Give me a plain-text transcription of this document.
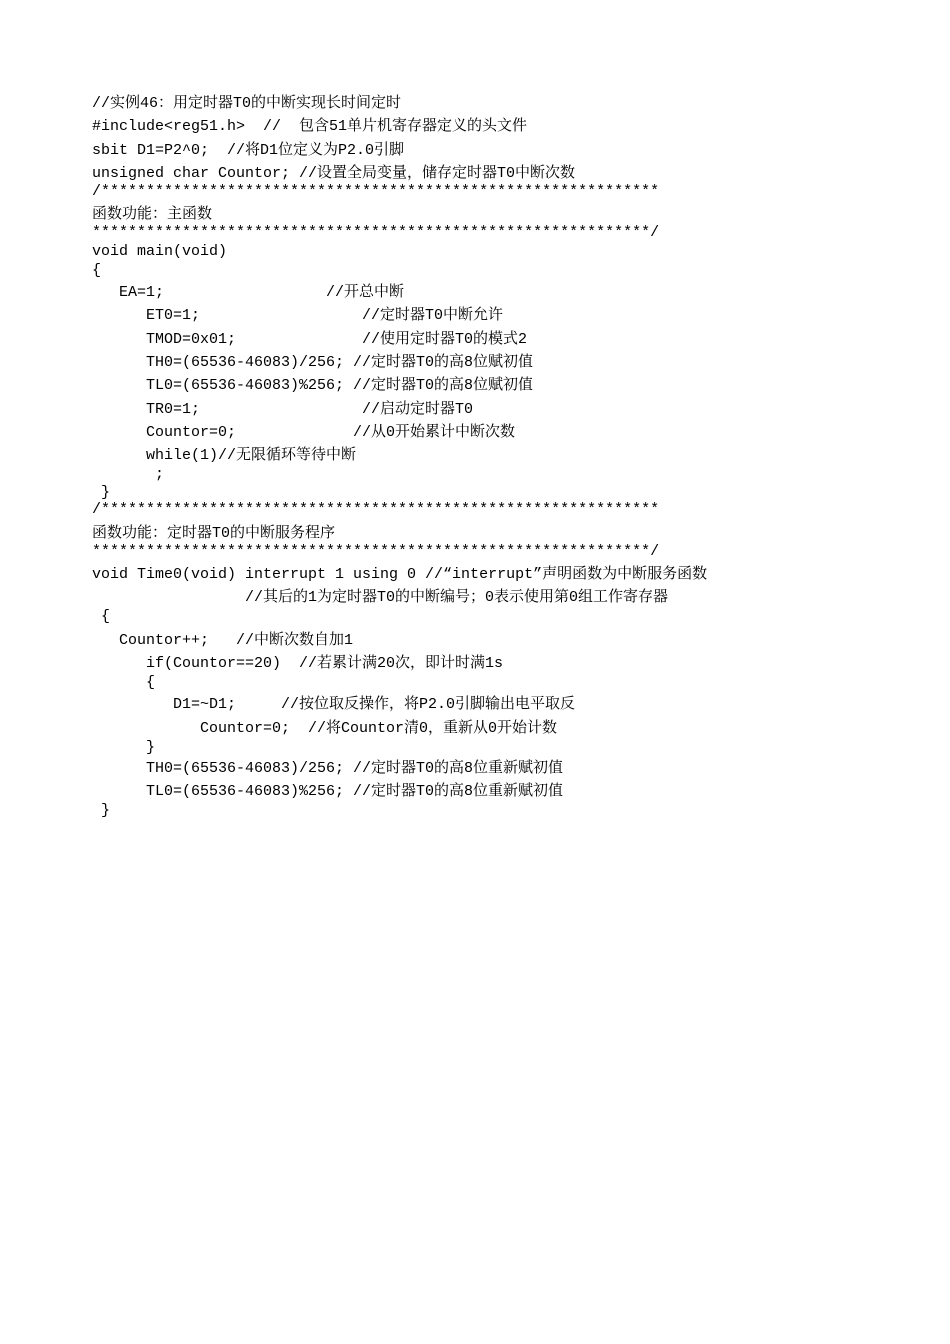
//实例46：用定时器T0的中断实现长时间定时

#include<reg51.h>  //  包含51单片机寄存器定义的头文件

sbit D1=P2^0;  //将D1位定义为P2.0引脚

unsigned char Countor; //设置全局变量，储存定时器T0中断次数

/**************************************************************

函数功能：主函数

**************************************************************/

void main(void)

{

EA=1;                  //开总中断

ET0=1;                  //定时器T0中断允许

TMOD=0x01;              //使用定时器T0的模式2

TH0=(65536-46083)/256; //定时器T0的高8位赋初值

TL0=(65536-46083)%256; //定时器T0的高8位赋初值

TR0=1;                  //启动定时器T0

Countor=0;             //从0开始累计中断次数

while(1)//无限循环等待中断

;

}

/**************************************************************

函数功能：定时器T0的中断服务程序

**************************************************************/

void Time0(void) interrupt 1 using 0 //“interrupt”声明函数为中断服务函数

//其后的1为定时器T0的中断编号；0表示使用第0组工作寄存器

{

Countor++;   //中断次数自加1

if(Countor==20)  //若累计满20次，即计时满1s

{

D1=~D1;     //按位取反操作，将P2.0引脚输出电平取反

Countor=0;  //将Countor清0，重新从0开始计数

}

TH0=(65536-46083)/256; //定时器T0的高8位重新赋初值

TL0=(65536-46083)%256; //定时器T0的高8位重新赋初值

}
